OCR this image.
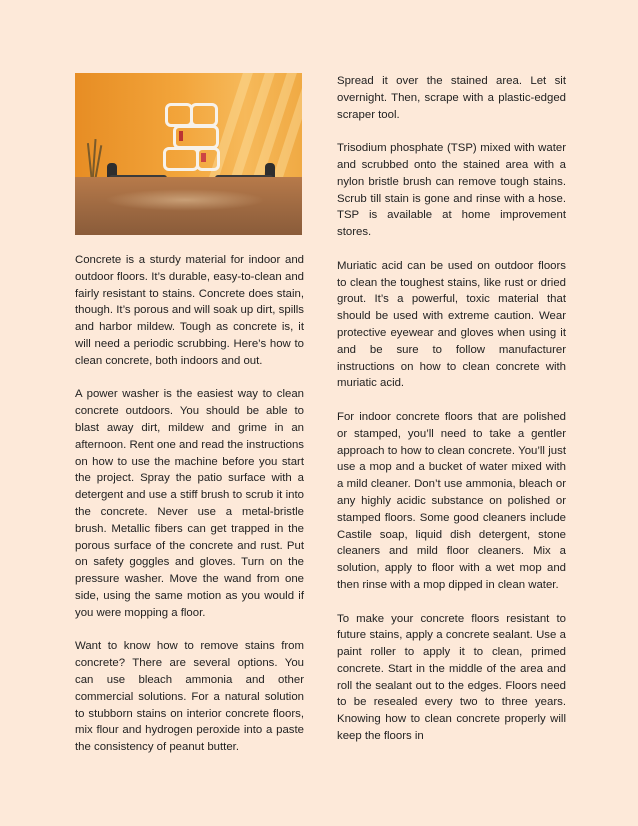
Concrete is a sturdy material for indoor and outdoor floors. It’s durable, easy-to-clean and fairly resistant to stains. Concrete does stain, though. It’s porous and will soak up dirt, spills and harbor mildew. Tough as concrete is, it will need a periodic scrubbing. Here’s how to clean concrete, both indoors and out.

A power washer is the easiest way to clean concrete outdoors. You should be able to blast away dirt, mildew and grime in an afternoon. Rent one and read the instructions on how to use the machine before you start the project. Spray the patio surface with a detergent and use a stiff brush to scrub it into the concrete. Never use a metal-bristle brush. Metallic fibers can get trapped in the porous surface of the concrete and rust. Put on safety goggles and gloves. Turn on the pressure washer. Move the wand from one side, using the same motion as you would if you were mopping a floor.

Want to know how to remove stains from concrete? There are several options. You can use bleach ammonia and other commercial solutions. For a natural solution to stubborn stains on interior concrete floors, mix flour and hydrogen peroxide into a paste the consistency of peanut butter.

Spread it over the stained area. Let sit overnight. Then, scrape with a plastic-edged scraper tool.

Trisodium phosphate (TSP) mixed with water and scrubbed onto the stained area with a nylon bristle brush can remove tough stains. Scrub till stain is gone and rinse with a hose. TSP is available at home improvement stores.

Muriatic acid can be used on outdoor floors to clean the toughest stains, like rust or dried grout. It’s a powerful, toxic material that should be used with extreme caution. Wear protective eyewear and gloves when using it and be sure to follow manufacturer instructions on how to clean concrete with muriatic acid.

For indoor concrete floors that are polished or stamped, you’ll need to take a gentler approach to how to clean concrete. You’ll just use a mop and a bucket of water mixed with a mild cleaner. Don’t use ammonia, bleach or any highly acidic substance on polished or stamped floors. Some good cleaners include Castile soap, liquid dish detergent, stone cleaners and mild floor cleaners. Mix a solution, apply to floor with a wet mop and then rinse with a mop dipped in clean water.

To make your concrete floors resistant to future stains, apply a concrete sealant. Use a paint roller to apply it to clean, primed concrete. Start in the middle of the area and roll the sealant out to the edges. Floors need to be resealed every two to three years. Knowing how to clean concrete properly will keep the floors in
